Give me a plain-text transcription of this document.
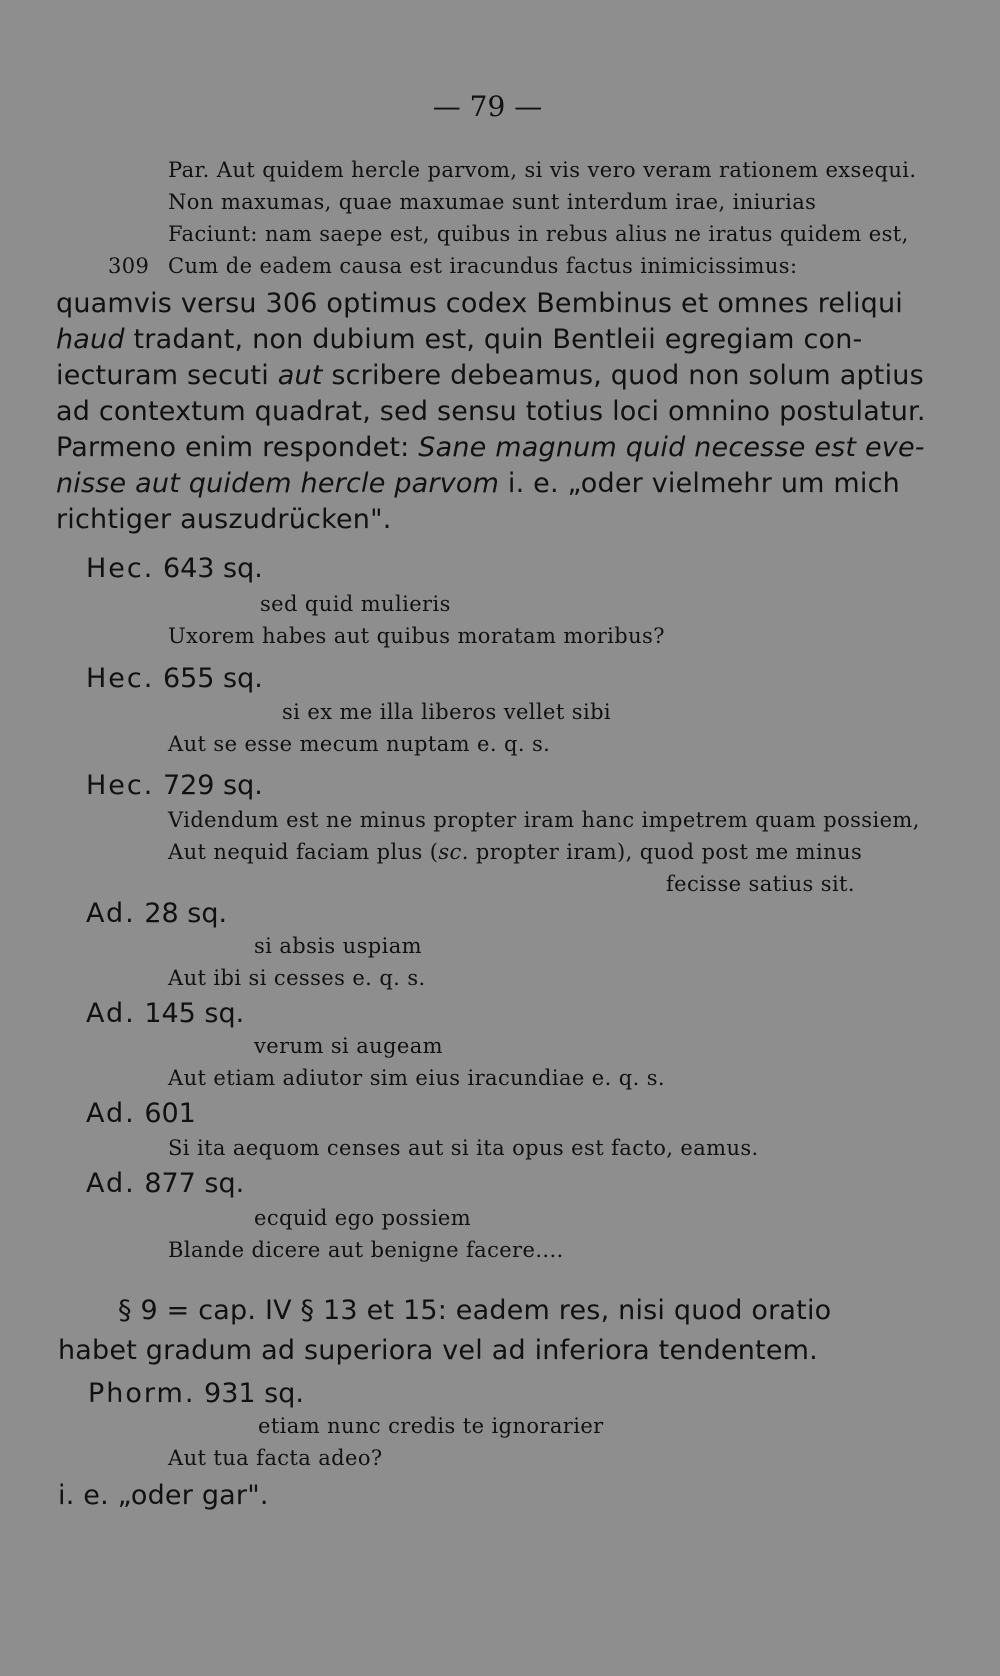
— 79 —
Par. Aut quidem hercle parvom, si vis vero veram rationem exsequi.
Non maxumas, quae maxumae sunt interdum irae, iniurias
Faciunt: nam saepe est, quibus in rebus alius ne iratus quidem est,
309 Cum de eadem causa est iracundus factus inimicissimus:
quamvis versu 306 optimus codex Bembinus et omnes reliqui
haud tradant, non dubium est, quin Bentleii egregiam con-
iecturam secuti aut scribere debeamus, quod non solum aptius
ad contextum quadrat, sed sensu totius loci omnino postulatur.
Parmeno enim respondet: Sane magnum quid necesse est eve-
nisse aut quidem hercle parvom i. e. „oder vielmehr um mich
richtiger auszudrücken".
Hec. 643 sq.
sed quid mulieris
Uxorem habes aut quibus moratam moribus?
Hec. 655 sq.
si ex me illa liberos vellet sibi
Aut se esse mecum nuptam e. q. s.
Hec. 729 sq.
Videndum est ne minus propter iram hanc impetrem quam possiem,
Aut nequid faciam plus (sc. propter iram), quod post me minus
fecisse satius sit.
Ad. 28 sq.
si absis uspiam
Aut ibi si cesses e. q. s.
Ad. 145 sq.
verum si augeam
Aut etiam adiutor sim eius iracundiae e. q. s.
Ad. 601
Si ita aequom censes aut si ita opus est facto, eamus.
Ad. 877 sq.
ecquid ego possiem
Blande dicere aut benigne facere....
§ 9 = cap. IV § 13 et 15: eadem res, nisi quod oratio
habet gradum ad superiora vel ad inferiora tendentem.
Phorm. 931 sq.
etiam nunc credis te ignorarier
Aut tua facta adeo?
i. e. „oder gar".
